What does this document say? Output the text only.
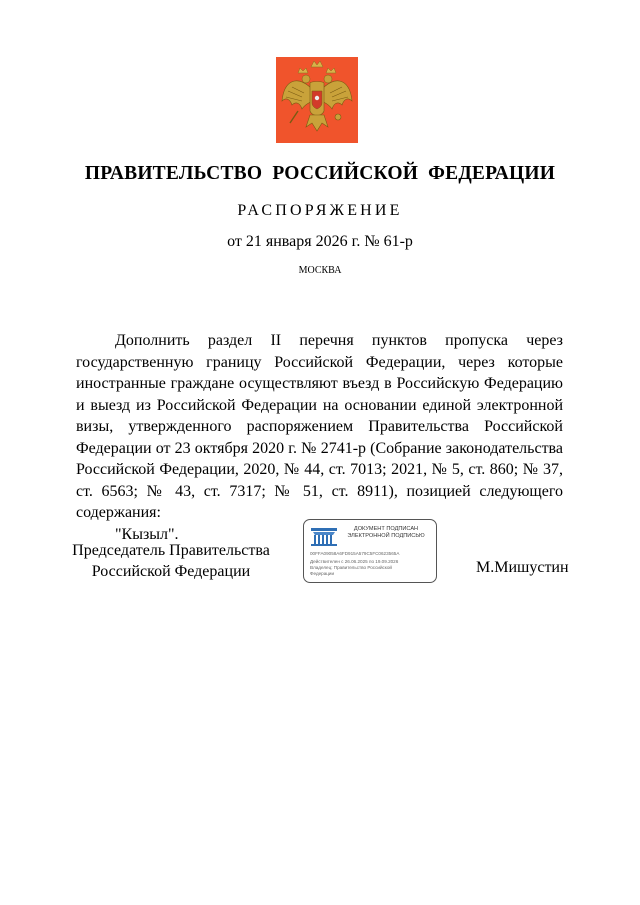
ПРАВИТЕЛЬСТВО РОССИЙСКОЙ ФЕДЕРАЦИИ
РАСПОРЯЖЕНИЕ
от 21 января 2026 г. № 61-р
МОСКВА

Дополнить раздел II перечня пунктов пропуска через государственную границу Российской Федерации, через которые иностранные граждане осуществляют въезд в Российскую Федерацию и выезд из Российской Федерации на основании единой электронной визы, утвержденного распоряжением Правительства Российской Федерации от 23 октября 2020 г. № 2741-р (Собрание законодательства Российской Федерации, 2020, № 44, ст. 7013; 2021, № 5, ст. 860; № 37, ст. 6563; № 43, ст. 7317; № 51, ст. 8911), позицией следующего содержания:

"Кызыл".

Председатель Правительства
Российской Федерации
ДОКУМЕНТ ПОДПИСАН
ЭЛЕКТРОННОЙ ПОДПИСЬЮ
00FFA09058A6FD915A579C5FC0623565A
Действителен с 26.06.2025 по 19.09.2026
Владелец: Правительство Российской Федерации	М.Мишустин
